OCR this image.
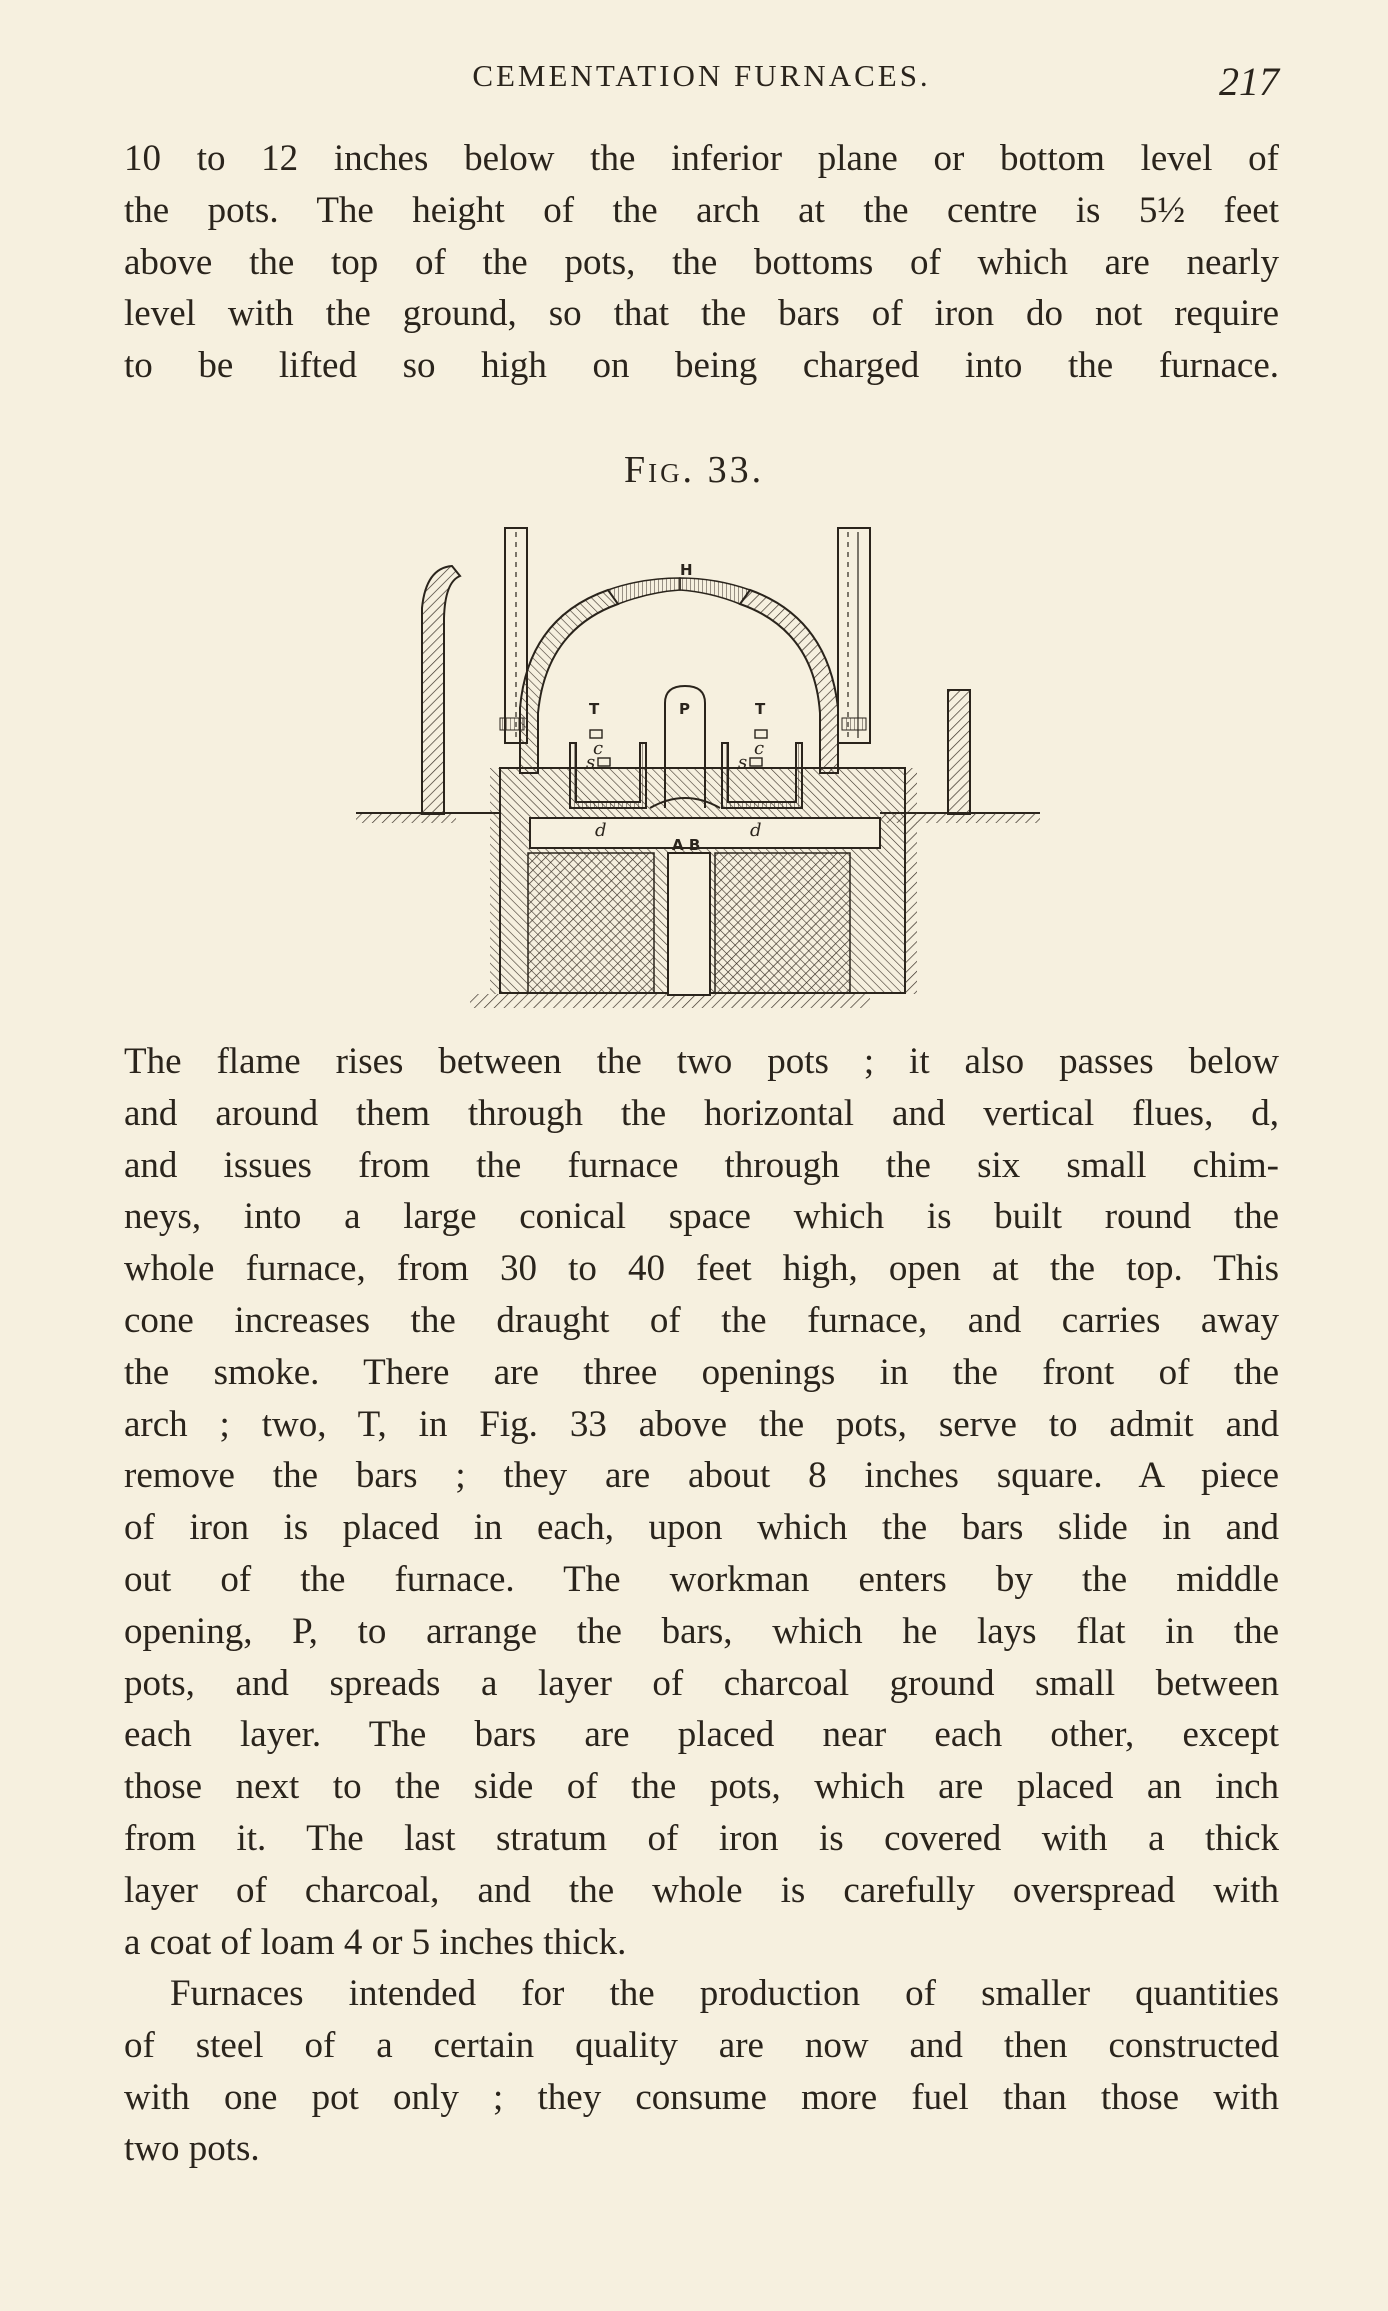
CEMENTATION FURNACES.	217
10 to 12 inches below the inferior plane or bottom level of
the pots. The height of the arch at the centre is 5½ feet
above the top of the pots, the bottoms of which are nearly
level with the ground, so that the bars of iron do not require
to be lifted so high on being charged into the furnace.
Fig. 33.
H
P
T	T
c	c
s	s
d	d
A B
The flame rises between the two pots ; it also passes below
and around them through the horizontal and vertical flues, d,
and issues from the furnace through the six small chim-
neys, into a large conical space which is built round the
whole furnace, from 30 to 40 feet high, open at the top. This
cone increases the draught of the furnace, and carries away
the smoke. There are three openings in the front of the
arch ; two, T, in Fig. 33 above the pots, serve to admit and
remove the bars ; they are about 8 inches square. A piece
of iron is placed in each, upon which the bars slide in and
out of the furnace. The workman enters by the middle
opening, P, to arrange the bars, which he lays flat in the
pots, and spreads a layer of charcoal ground small between
each layer. The bars are placed near each other, except
those next to the side of the pots, which are placed an inch
from it. The last stratum of iron is covered with a thick
layer of charcoal, and the whole is carefully overspread with
a coat of loam 4 or 5 inches thick.
Furnaces intended for the production of smaller quantities
of steel of a certain quality are now and then constructed
with one pot only ; they consume more fuel than those with
two pots.
